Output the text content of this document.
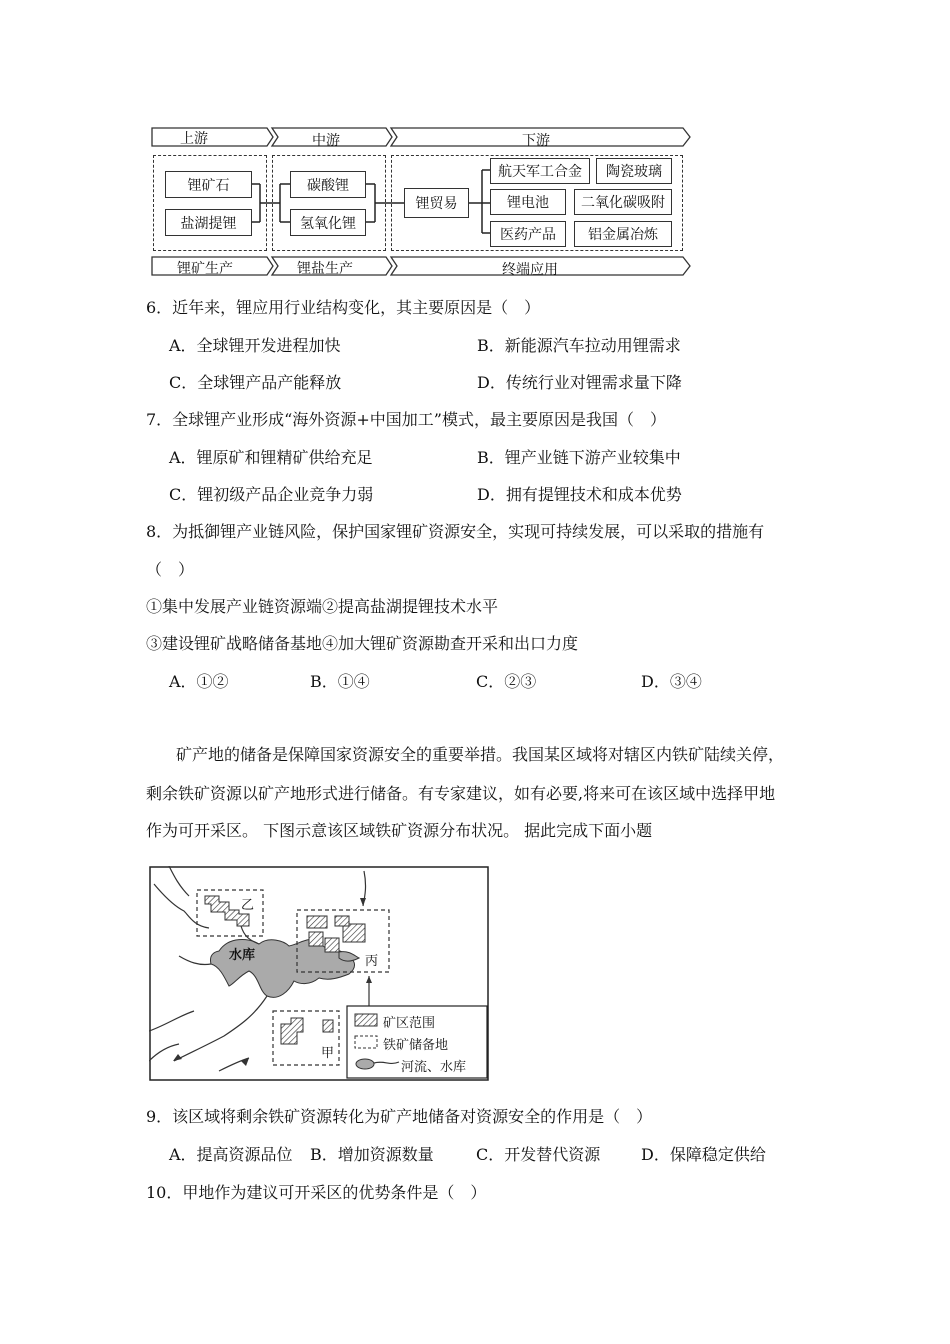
上游	中游	下游
锂矿生产	锂盐生产	终端应用
锂矿石
盐湖提锂
碳酸锂
氢氧化锂
锂贸易
航天军工合金	陶瓷玻璃
锂电池	二氧化碳吸附
医药产品	铝金属冶炼
6．近年来，锂应用行业结构变化，其主要原因是（　）
A．全球锂开发进程加快	B．新能源汽车拉动用锂需求
C．全球锂产品产能释放	D．传统行业对锂需求量下降
7．全球锂产业形成“海外资源+中国加工”模式，最主要原因是我国（　）
A．锂原矿和锂精矿供给充足	B．锂产业链下游产业较集中
C．锂初级产品企业竞争力弱	D．拥有提锂技术和成本优势
8．为抵御锂产业链风险，保护国家锂矿资源安全，实现可持续发展，可以采取的措施有
（　）
①集中发展产业链资源端②提高盐湖提锂技术水平
③建设锂矿战略储备基地④加大锂矿资源勘查开采和出口力度
A．①②	B．①④	C．②③	D．③④
矿产地的储备是保障国家资源安全的重要举措。我国某区域将对辖区内铁矿陆续关停，
剩余铁矿资源以矿产地形式进行储备。有专家建议，如有必要,将来可在该区域中选择甲地
作为可开采区。 下图示意该区域铁矿资源分布状况。 据此完成下面小题
水库
乙
丙
甲
矿区范围
铁矿储备地
河流、水库
9．该区域将剩余铁矿资源转化为矿产地储备对资源安全的作用是（　）
A．提高资源品位 B．增加资源数量	C．开发替代资源	D．保障稳定供给
10．甲地作为建议可开采区的优势条件是（　）
